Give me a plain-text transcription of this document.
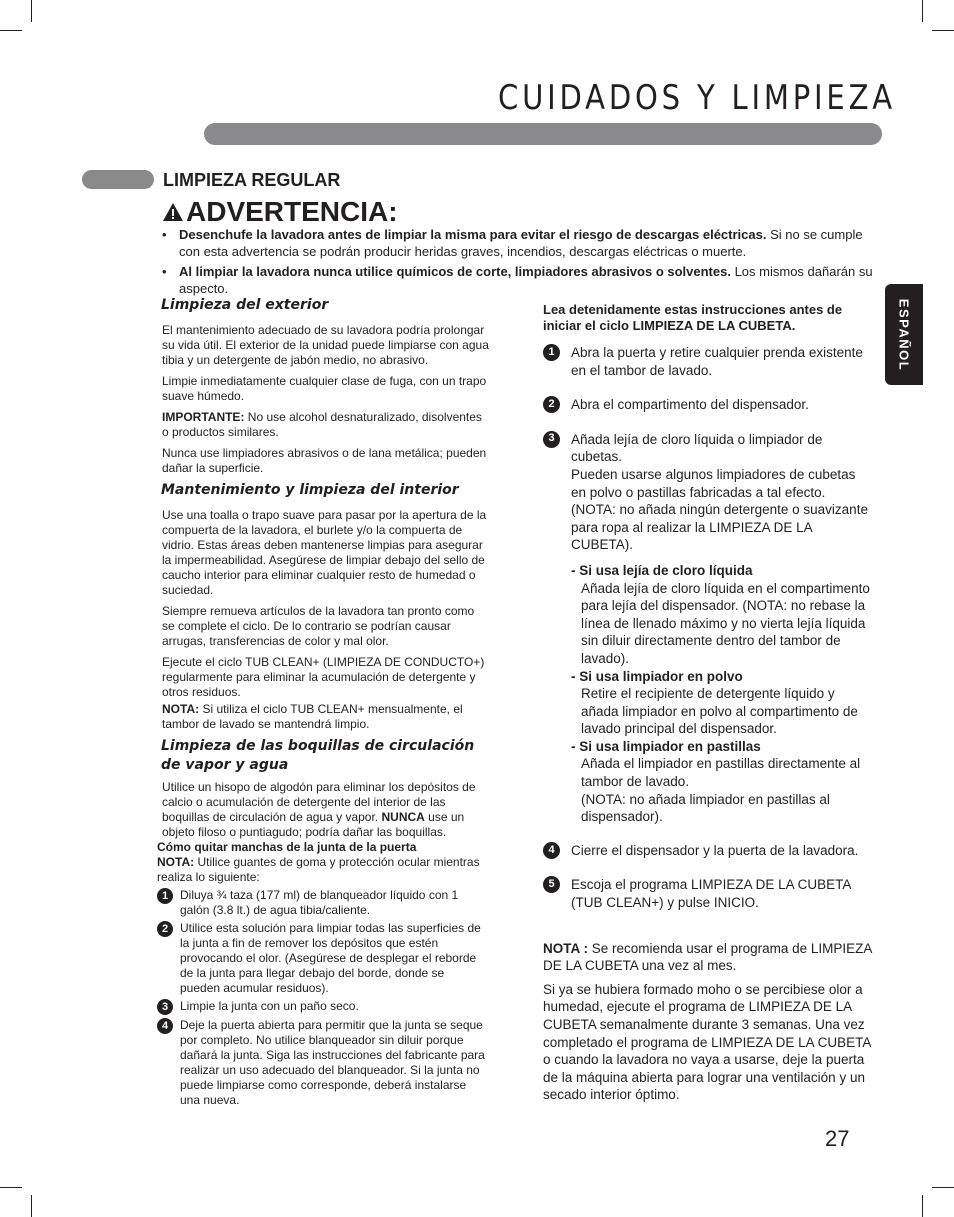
CUIDADOS Y LIMPIEZA
LIMPIEZA REGULAR
ADVERTENCIA:
• Desenchufe la lavadora antes de limpiar la misma para evitar el riesgo de descargas eléctricas. Si no se cumple con esta advertencia se podrán producir heridas graves, incendios, descargas eléctricas o muerte.
• Al limpiar la lavadora nunca utilice químicos de corte, limpiadores abrasivos o solventes. Los mismos dañarán su aspecto.
ESPAÑOL
Limpieza del exterior

El mantenimiento adecuado de su lavadora podría prolongar su vida útil. El exterior de la unidad puede limpiarse con agua tibia y un detergente de jabón medio, no abrasivo.

Limpie inmediatamente cualquier clase de fuga, con un trapo suave húmedo.

IMPORTANTE: No use alcohol desnaturalizado, disolventes o productos similares.

Nunca use limpiadores abrasivos o de lana metálica; pueden dañar la superficie.

Mantenimiento y limpieza del interior

Use una toalla o trapo suave para pasar por la apertura de la compuerta de la lavadora, el burlete y/o la compuerta de vidrio. Estas áreas deben mantenerse limpias para asegurar la impermeabilidad. Asegúrese de limpiar debajo del sello de caucho interior para eliminar cualquier resto de humedad o suciedad.

Siempre remueva artículos de la lavadora tan pronto como se complete el ciclo. De lo contrario se podrían causar arrugas, transferencias de color y mal olor.

Ejecute el ciclo TUB CLEAN+ (LIMPIEZA DE CONDUCTO+) regularmente para eliminar la acumulación de detergente y otros residuos.

NOTA: Si utiliza el ciclo TUB CLEAN+ mensualmente, el tambor de lavado se mantendrá limpio.

Limpieza de las boquillas de circulación de vapor y agua

Utilice un hisopo de algodón para eliminar los depósitos de calcio o acumulación de detergente del interior de las boquillas de circulación de agua y vapor. NUNCA use un objeto filoso o puntiagudo; podría dañar las boquillas.

Cómo quitar manchas de la junta de la puerta

NOTA: Utilice guantes de goma y protección ocular mientras realiza lo siguiente:

1 Diluya ¾ taza (177 ml) de blanqueador líquido con 1 galón (3.8 lt.) de agua tibia/caliente.
2 Utilice esta solución para limpiar todas las superficies de la junta a fin de remover los depósitos que estén provocando el olor. (Asegúrese de desplegar el reborde de la junta para llegar debajo del borde, donde se pueden acumular residuos).
3 Limpie la junta con un paño seco.
4 Deje la puerta abierta para permitir que la junta se seque por completo. No utilice blanqueador sin diluir porque dañará la junta. Siga las instrucciones del fabricante para realizar un uso adecuado del blanqueador. Si la junta no puede limpiarse como corresponde, deberá instalarse una nueva.

Lea detenidamente estas instrucciones antes de iniciar el ciclo LIMPIEZA DE LA CUBETA.

1	Abra la puerta y retire cualquier prenda existente en el tambor de lavado.
2	Abra el compartimento del dispensador.
3	Añada lejía de cloro líquida o limpiador de cubetas.
Pueden usarse algunos limpiadores de cubetas en polvo o pastillas fabricadas a tal efecto.
(NOTA: no añada ningún detergente o suavizante para ropa al realizar la LIMPIEZA DE LA CUBETA).
- Si usa lejía de cloro líquida
Añada lejía de cloro líquida en el compartimento para lejía del dispensador. (NOTA: no rebase la línea de llenado máximo y no vierta lejía líquida sin diluir directamente dentro del tambor de lavado).
- Si usa limpiador en polvo
Retire el recipiente de detergente líquido y añada limpiador en polvo al compartimento de lavado principal del dispensador.
- Si usa limpiador en pastillas
Añada el limpiador en pastillas directamente al tambor de lavado.
(NOTA: no añada limpiador en pastillas al dispensador).
4	Cierre el dispensador y la puerta de la lavadora.
5	Escoja el programa LIMPIEZA DE LA CUBETA (TUB CLEAN+) y pulse INICIO.

NOTA : Se recomienda usar el programa de LIMPIEZA DE LA CUBETA una vez al mes.

Si ya se hubiera formado moho o se percibiese olor a humedad, ejecute el programa de LIMPIEZA DE LA CUBETA semanalmente durante 3 semanas. Una vez completado el programa de LIMPIEZA DE LA CUBETA o cuando la lavadora no vaya a usarse, deje la puerta de la máquina abierta para lograr una ventilación y un secado interior óptimo.

27
